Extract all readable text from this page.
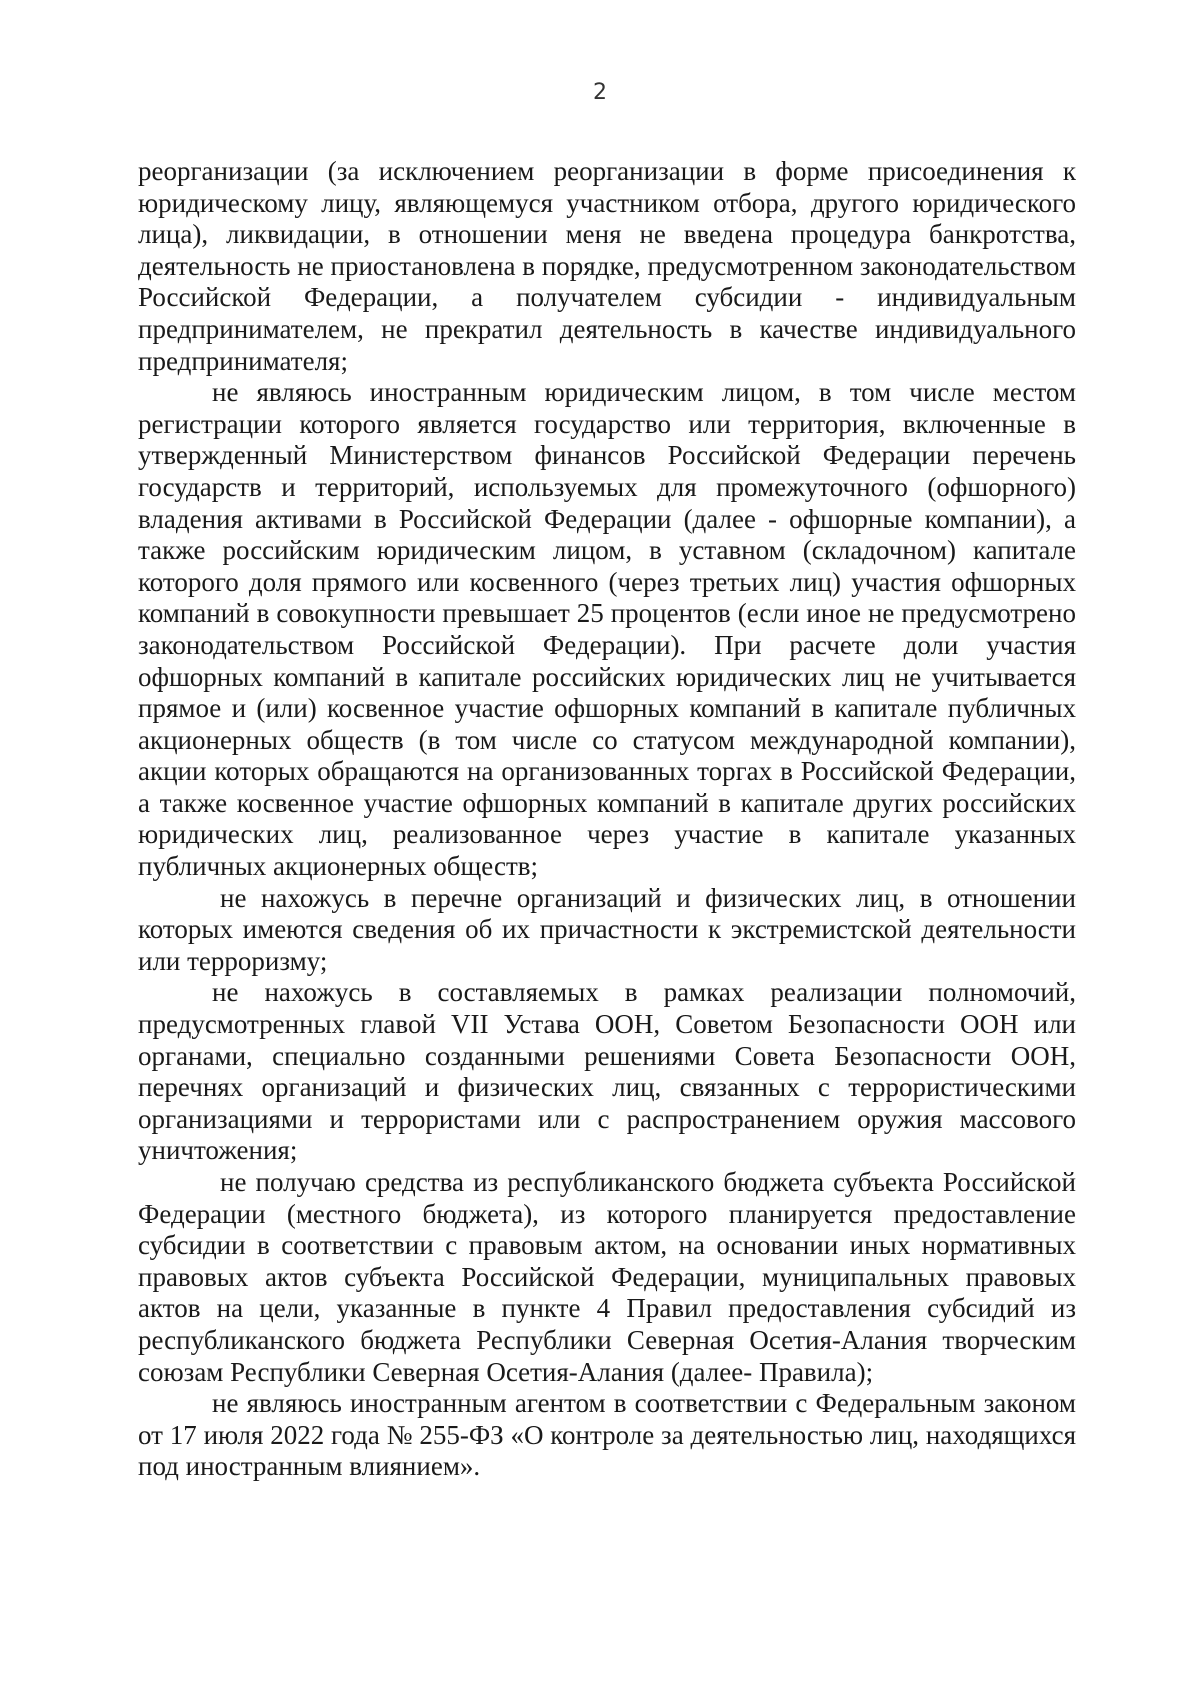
2

реорганизации (за исключением реорганизации в форме присоединения к юридическому лицу, являющемуся участником отбора, другого юридического лица), ликвидации, в отношении меня не введена процедура банкротства, деятельность не приостановлена в порядке, предусмотренном законодательством Российской Федерации, а получателем субсидии - индивидуальным предпринимателем, не прекратил деятельность в качестве индивидуального предпринимателя;

не являюсь иностранным юридическим лицом, в том числе местом регистрации которого является государство или территория, включенные в утвержденный Министерством финансов Российской Федерации перечень государств и территорий, используемых для промежуточного (офшорного) владения активами в Российской Федерации (далее - офшорные компании), а также российским юридическим лицом, в уставном (складочном) капитале которого доля прямого или косвенного (через третьих лиц) участия офшорных компаний в совокупности превышает 25 процентов (если иное не предусмотрено законодательством Российской Федерации). При расчете доли участия офшорных компаний в капитале российских юридических лиц не учитывается прямое и (или) косвенное участие офшорных компаний в капитале публичных акционерных обществ (в том числе со статусом международной компании), акции которых обращаются на организованных торгах в Российской Федерации, а также косвенное участие офшорных компаний в капитале других российских юридических лиц, реализованное через участие в капитале указанных публичных акционерных обществ;

не нахожусь в перечне организаций и физических лиц, в отношении которых имеются сведения об их причастности к экстремистской деятельности или терроризму;

не нахожусь в составляемых в рамках реализации полномочий, предусмотренных главой VII Устава ООН, Советом Безопасности ООН или органами, специально созданными решениями Совета Безопасности ООН, перечнях организаций и физических лиц, связанных с террористическими организациями и террористами или с распространением оружия массового уничтожения;

не получаю средства из республиканского бюджета субъекта Российской Федерации (местного бюджета), из которого планируется предоставление субсидии в соответствии с правовым актом, на основании иных нормативных правовых актов субъекта Российской Федерации, муниципальных правовых актов на цели, указанные в пункте 4 Правил предоставления субсидий из республиканского бюджета Республики Северная Осетия-Алания творческим союзам Республики Северная Осетия-Алания (далее- Правила);

не являюсь иностранным агентом в соответствии с Федеральным законом от 17 июля 2022 года № 255-ФЗ «О контроле за деятельностью лиц, находящихся под иностранным влиянием».
